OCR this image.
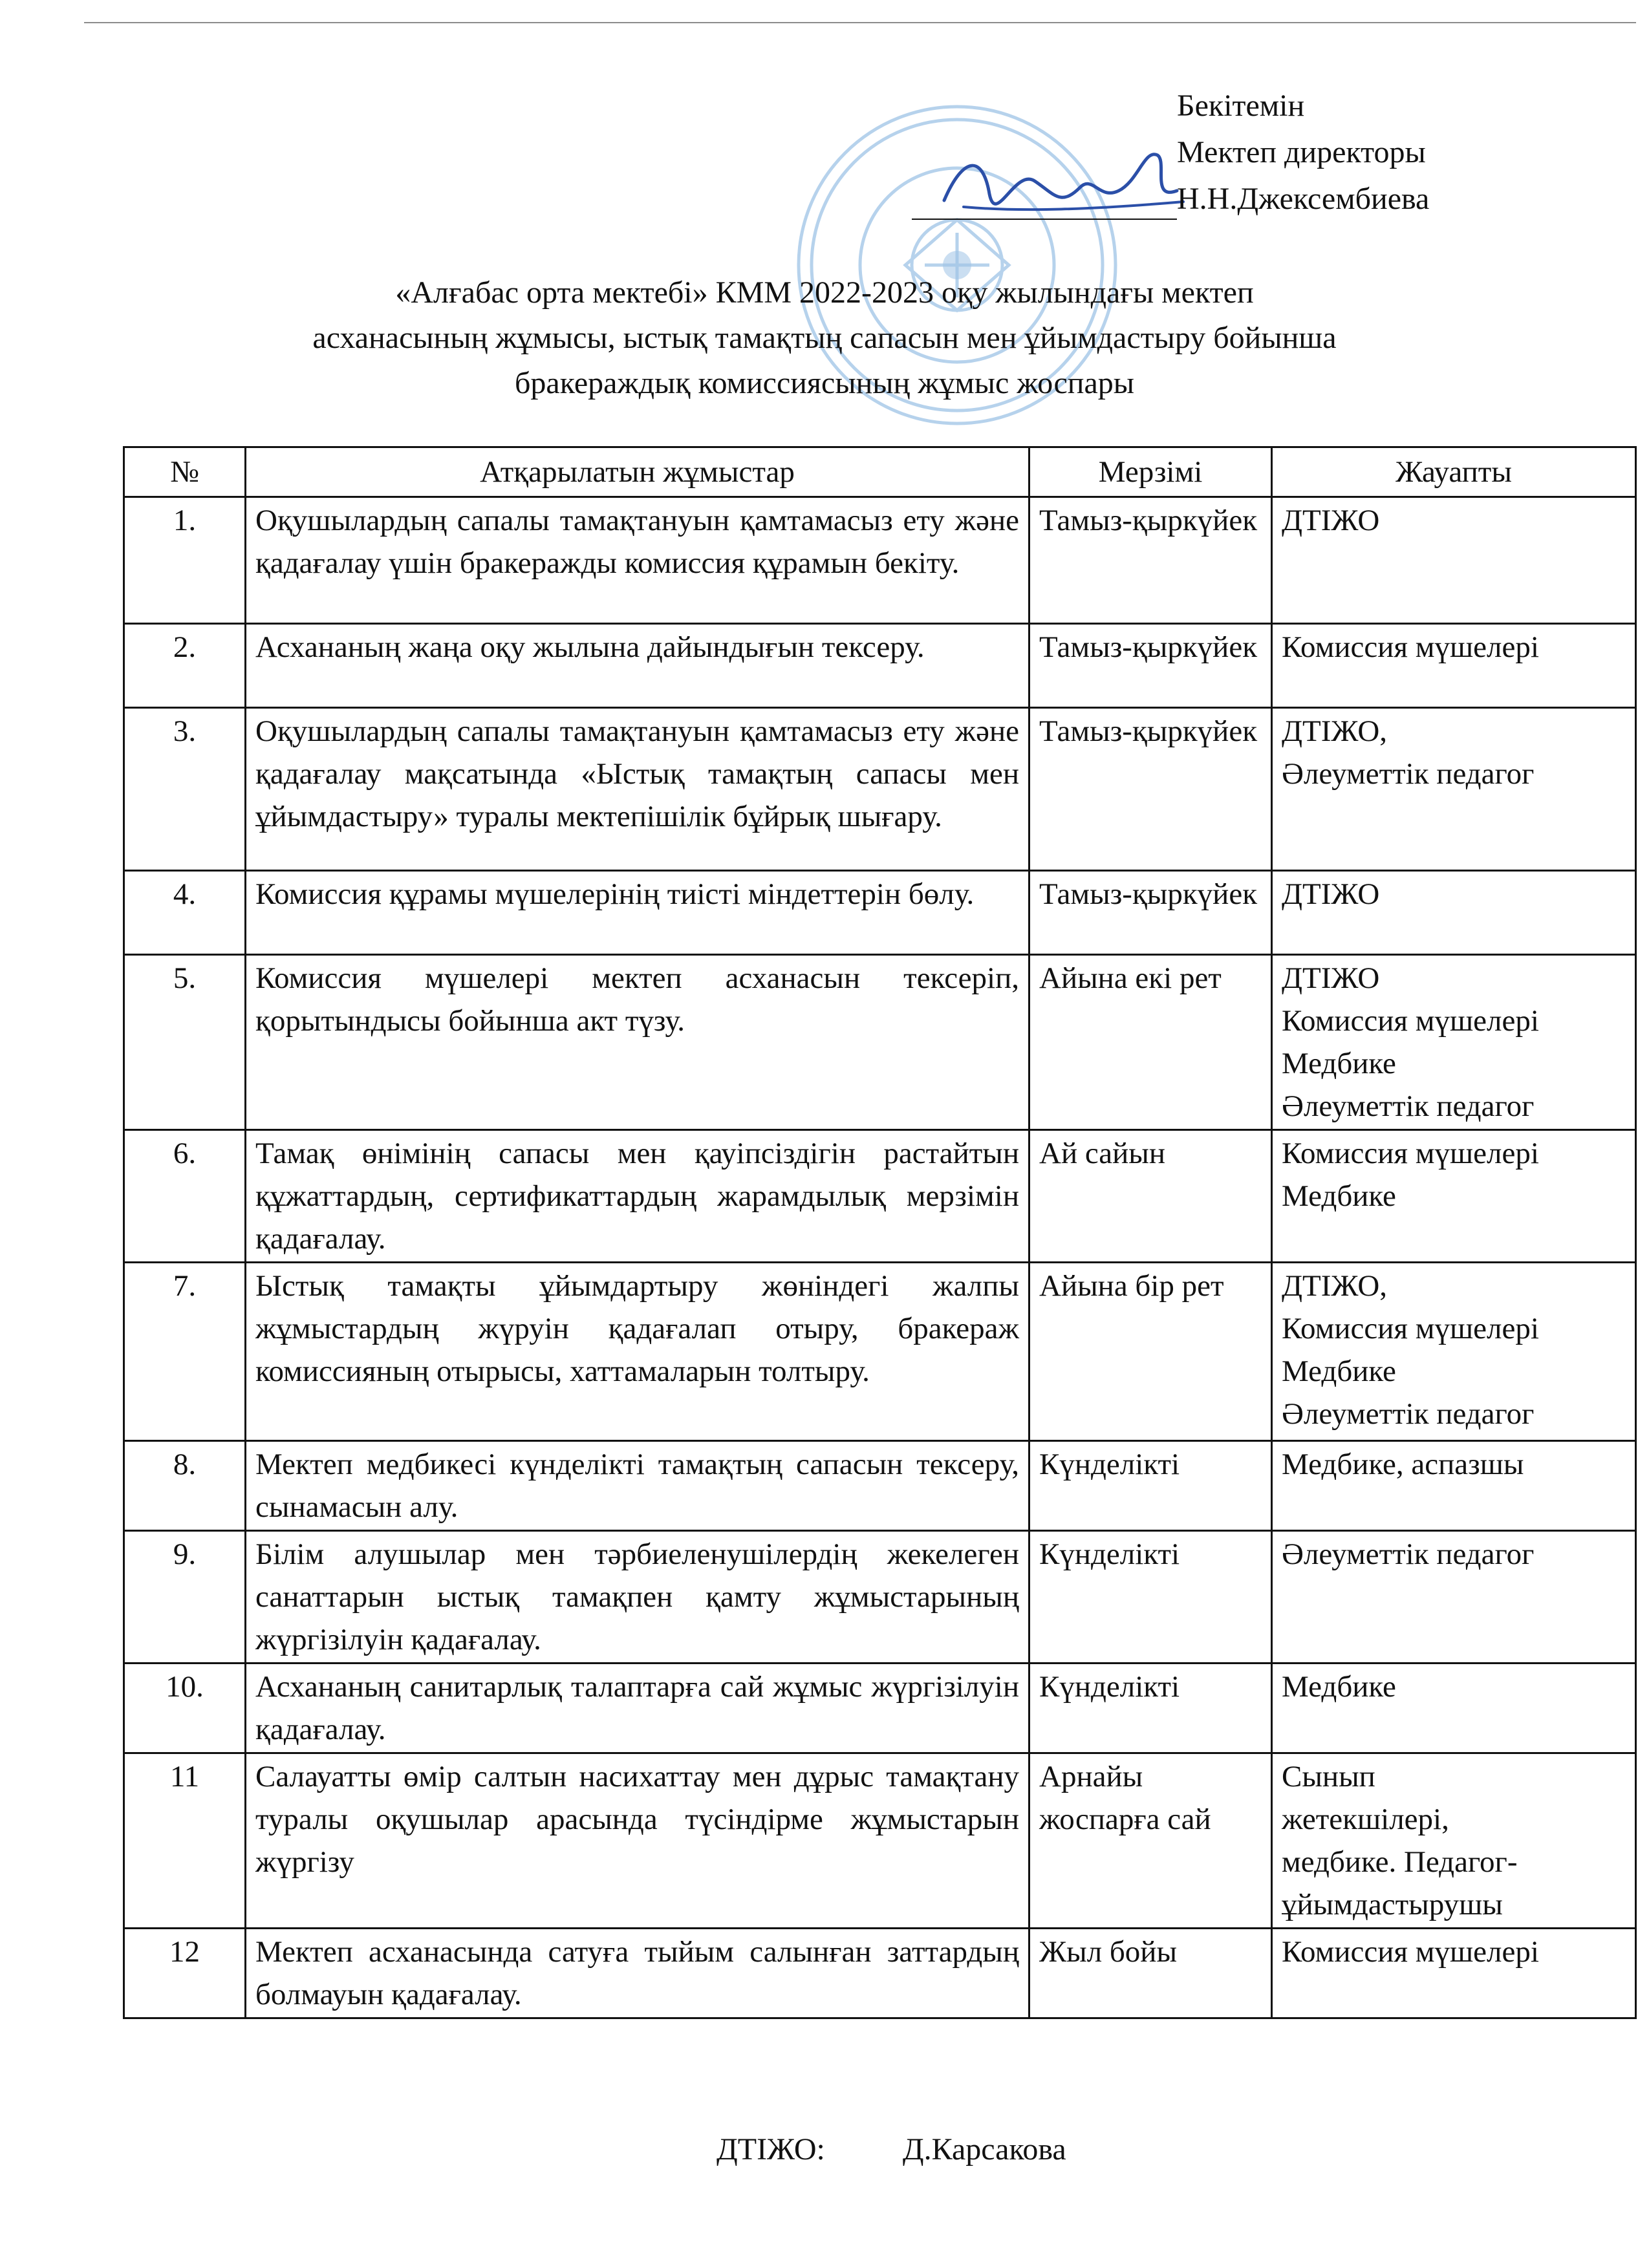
Бекітемін
Мектеп директоры
Н.Н.Джексембиева
«Алғабас орта мектебі» КММ 2022-2023 оқу жылындағы мектеп
асханасының жұмысы, ыстық тамақтың сапасын мен ұйымдастыру бойынша
бракераждық комиссиясының жұмыс жоспары
№	Атқарылатын жұмыстар	Мерзімі	Жауапты
1.	Оқушылардың сапалы тамақтануын қамтамасыз ету және қадағалау үшін бракеражды комиссия құрамын бекіту.	Тамыз-қыркүйек	ДТІЖО

2.	Асхананың жаңа оқу жылына дайындығын тексеру.	Тамыз-қыркүйек	Комиссия мүшелері

3.	Оқушылардың сапалы тамақтануын қамтамасыз ету және қадағалау мақсатында «Ыстық тамақтың сапасы мен ұйымдастыру» туралы мектепішілік бұйрық шығару.	Тамыз-қыркүйек	ДТІЖО,
Әлеуметтік педагог

4.	Комиссия құрамы мүшелерінің тиісті міндеттерін бөлу.	Тамыз-қыркүйек	ДТІЖО

5.	Комиссия мүшелері мектеп асханасын тексеріп, қорытындысы бойынша акт түзу.	Айына екі рет	ДТІЖО
Комиссия мүшелері
Медбике
Әлеуметтік педагог

6.	Тамақ өнімінің сапасы мен қауіпсіздігін растайтын құжаттардың, сертификаттардың жарамдылық мерзімін қадағалау.	Ай сайын	Комиссия мүшелері
Медбике

7.	Ыстық тамақты ұйымдартыру жөніндегі жалпы жұмыстардың жүруін қадағалап отыру, бракераж комиссияның отырысы, хаттамаларын толтыру.	Айына бір рет	ДТІЖО,
Комиссия мүшелері
Медбике
Әлеуметтік педагог

8.	Мектеп медбикесі күнделікті тамақтың сапасын тексеру, сынамасын алу.	Күнделікті	Медбике, аспазшы

9.	Білім алушылар мен тәрбиеленушілердің жекелеген санаттарын ыстық тамақпен қамту жұмыстарының жүргізілуін қадағалау.	Күнделікті	Әлеуметтік педагог

10.	Асхананың санитарлық талаптарға сай жұмыс жүргізілуін қадағалау.	Күнделікті	Медбике

11	Салауатты өмір салтын насихаттау мен дұрыс тамақтану туралы оқушылар арасында түсіндірме жұмыстарын жүргізу	Арнайы жоспарға сай	Сынып
жетекшілері,
медбике. Педагог-
ұйымдастырушы

12	Мектеп асханасында сатуға тыйым салынған заттардың болмауын қадағалау.	Жыл бойы	Комиссия мүшелері
ДТІЖО:	Д.Карсакова
